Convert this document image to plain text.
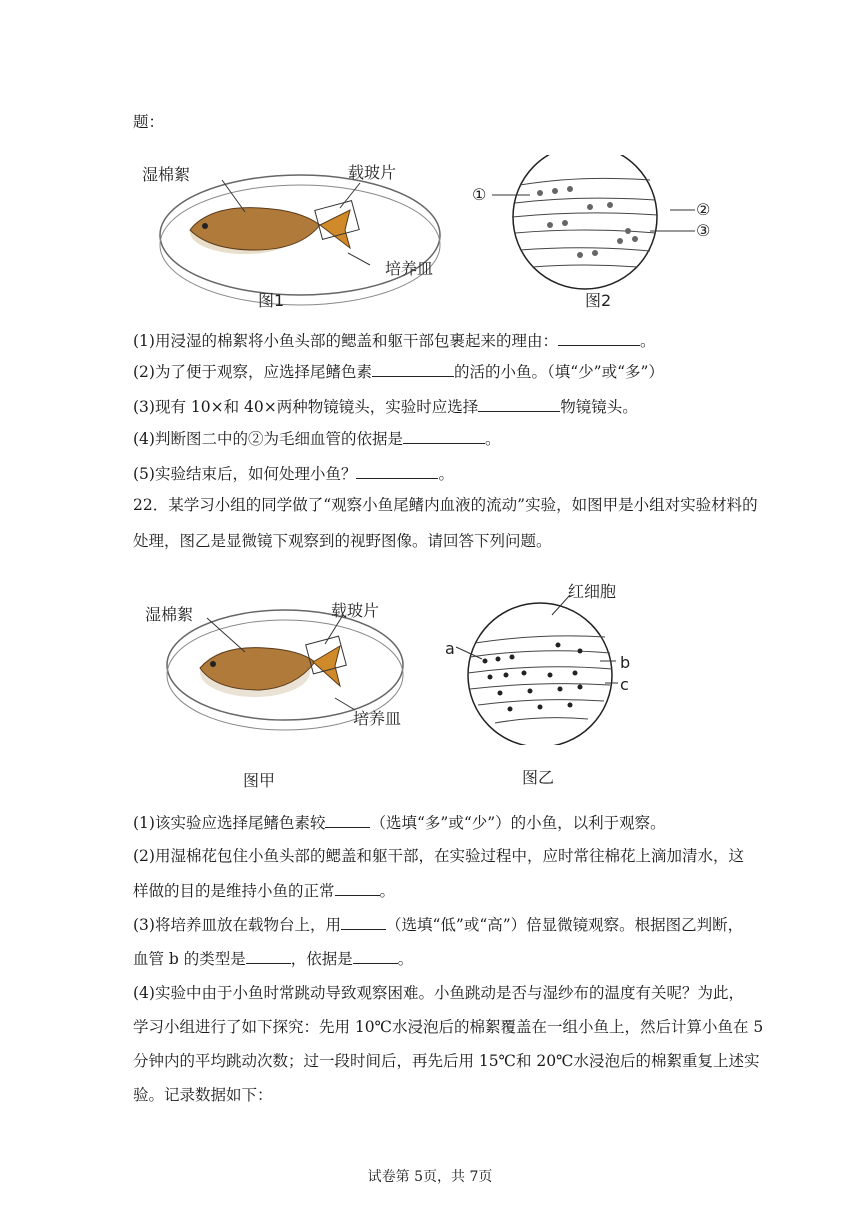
题：
湿棉絮	载玻片
培养皿
图1
①
②
③
图2
(1)用浸湿的棉絮将小鱼头部的鳃盖和躯干部包裹起来的理由：	。
(2)为了便于观察，应选择尾鳍色素	的活的小鱼。（填“少”或“多”）
(3)现有 10×和 40×两种物镜镜头，实验时应选择	物镜镜头。
(4)判断图二中的②为毛细血管的依据是	。
(5)实验结束后，如何处理小鱼？	。
22．某学习小组的同学做了“观察小鱼尾鳍内血液的流动”实验，如图甲是小组对实验材料的
处理，图乙是显微镜下观察到的视野图像。请回答下列问题。
湿棉絮	载玻片
培养皿
图甲
红细胞
a
b
c
图乙
(1)该实验应选择尾鳍色素较	（选填“多”或“少”）的小鱼，以利于观察。
(2)用湿棉花包住小鱼头部的鳃盖和躯干部，在实验过程中，应时常往棉花上滴加清水，这
样做的目的是维持小鱼的正常	。
(3)将培养皿放在载物台上，用	（选填“低”或“高”）倍显微镜观察。根据图乙判断，
血管 b 的类型是	，依据是	。
(4)实验中由于小鱼时常跳动导致观察困难。小鱼跳动是否与湿纱布的温度有关呢？为此，
学习小组进行了如下探究：先用 10℃水浸泡后的棉絮覆盖在一组小鱼上，然后计算小鱼在 5
分钟内的平均跳动次数；过一段时间后，再先后用 15℃和 20℃水浸泡后的棉絮重复上述实
验。记录数据如下：
试卷第 5页，共 7页
